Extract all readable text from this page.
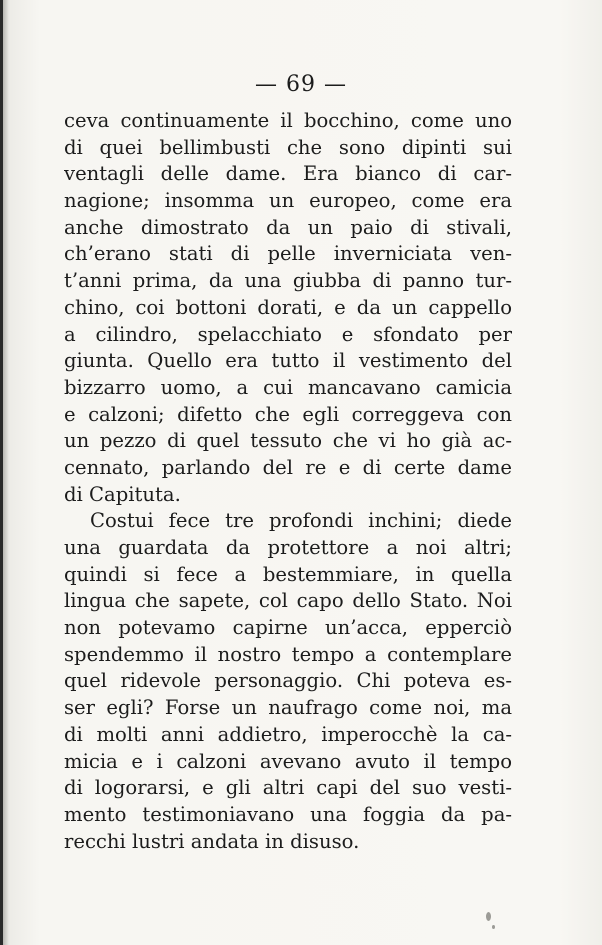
— 69 —
ceva continuamente il bocchino, come uno
di quei bellimbusti che sono dipinti sui
ventagli delle dame. Era bianco di car-
nagione; insomma un europeo, come era
anche dimostrato da un paio di stivali,
ch’erano stati di pelle inverniciata ven-
t’anni prima, da una giubba di panno tur-
chino, coi bottoni dorati, e da un cappello
a cilindro, spelacchiato e sfondato per
giunta. Quello era tutto il vestimento del
bizzarro uomo, a cui mancavano camicia
e calzoni; difetto che egli correggeva con
un pezzo di quel tessuto che vi ho già ac-
cennato, parlando del re e di certe dame
di Capituta.
Costui fece tre profondi inchini; diede
una guardata da protettore a noi altri;
quindi si fece a bestemmiare, in quella
lingua che sapete, col capo dello Stato. Noi
non potevamo capirne un’acca, epperciò
spendemmo il nostro tempo a contemplare
quel ridevole personaggio. Chi poteva es-
ser egli? Forse un naufrago come noi, ma
di molti anni addietro, imperocchè la ca-
micia e i calzoni avevano avuto il tempo
di logorarsi, e gli altri capi del suo vesti-
mento testimoniavano una foggia da pa-
recchi lustri andata in disuso.
